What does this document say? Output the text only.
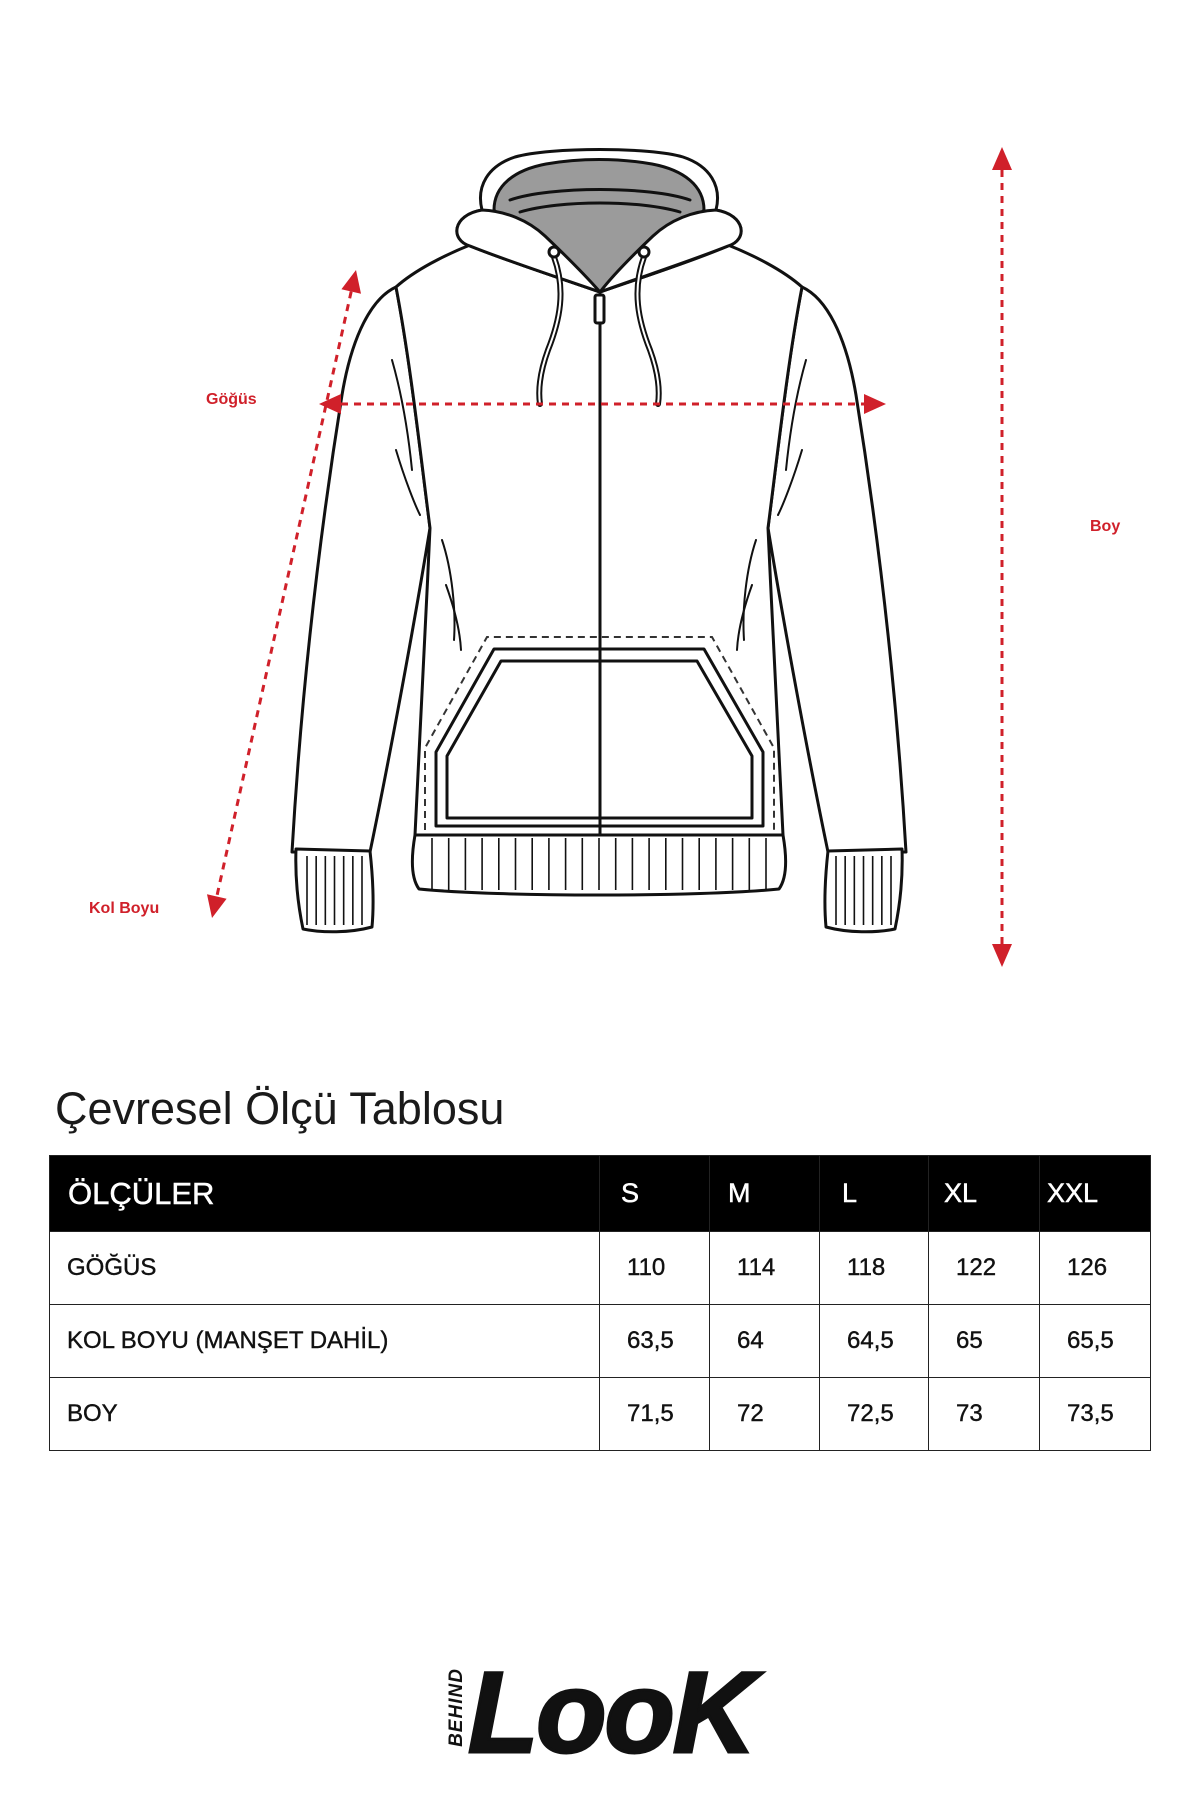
Göğüs
Boy
Kol Boyu
Çevresel Ölçü Tablosu
ÖLÇÜLER	S	M	L	XL	XXL
GÖĞÜS	110	114	118	122	126
KOL BOYU (MANŞET DAHİL)	63,5	64	64,5	65	65,5
BOY	71,5	72	72,5	73	73,5
BEHIND LooK
